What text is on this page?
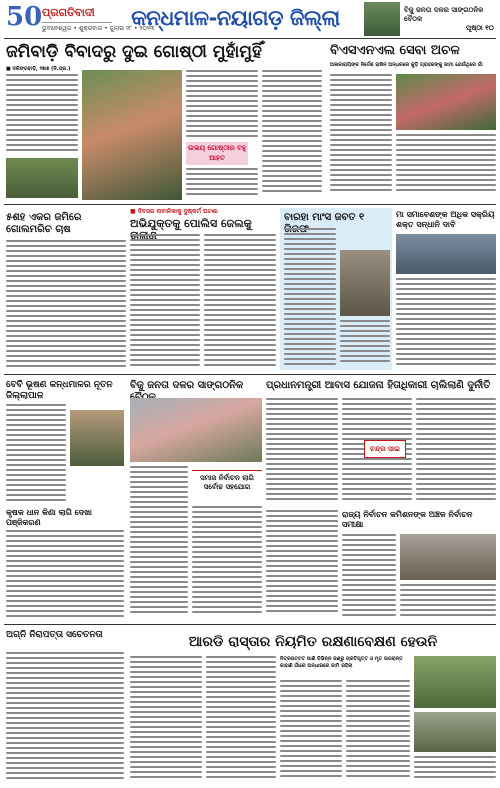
50 ପ୍ରଗତିବାଦୀ
ଭୁବନେଶ୍ୱର • ଶୁକ୍ରବାର • ଜୁଲାଇ ୨୮ • ୨୦୨୩
କନ୍ଧମାଳ-ନୟାଗଡ଼ ଜିଲ୍ଲା	ବିଜୁ ଜନତା ଦଳର ସାଙ୍ଗଠନିକ ବୈଠକ
ପୃଷ୍ଠା ୧୦
ଜମିବାଡ଼ି ବିବାଦରୁ ଦୁଇ ଗୋଷ୍ଠୀ ମୁହାଁମୁହିଁ
■ ଦରିଙ୍ଗବାଡ଼ି, ୨୭ା୭ (ନି.ପ୍ର.)
ଉଭୟ ଗୋଷ୍ଠୀର ବହୁ ଆହତ
ବିଏସଏନଏଲ ସେବା ଅଚଳ
ଅଳାକାରାୟିଙ୍କ ନିର୍ଦ୍ଦେଶ ରାଖିନ ଅନ୍ଧରରେ କୁଡ଼ି ଗ୍ରାହକଙ୍କୁ ଜାମା ଯେଉଁଥିରେ ଗାଁ
୫ଶହ ଏକର ଜମିରେ ଗୋଲମରିଚ ଚାଷ
■ ଦିବସର ନାବାଳିକାକୁ ଦୁଷ୍କର୍ମ ଘଟଣା
ଅଭିଯୁକ୍ତକୁ ପୋଲିସ ଜେଲକୁ	ବାରହା ମାଂସ ଜବତ ୧	ମା ସମାବେଶଙ୍କ ଅଧିକ ସକ୍ରିୟ ଶକ୍ତ ସନ୍ଧାନି ଦାବି
ବେବି ଭୂଷଣ କନ୍ଧମାଳର ନୂତନ ଜିଲ୍ଲାପାଳ
ବିଜୁ ଜନତା ଦଳର ସାଙ୍ଗଠନିକ	ପ୍ରଧାନମନ୍ତ୍ରୀ ଆବାସ ଯୋଜନା ହିତାଧିକାରୀ ଚାଲିଲାଣି ଦୁର୍ନୀତି
ଚନ୍ଦ୍ର ସାଇ
କୃଷକ ଧାନ କିଣା ଲାଗି ଦେଖା ପଞ୍ଜିକରଣ
ସମାଜ ନିର୍ବାଚନ ଲାଗି ସର୍ବୋଚ୍ଚ ସହଯୋଗ
ରାଜ୍ୟ ନିର୍ବାଚନ କମିଶନଙ୍କ ଅଞ୍ଚଳ ନିର୍ବାଚନ ସମୀକ୍ଷା
ଅଗ୍ନି ନିରାପତ୍ତା ସଚେତନତା	ଆରଡି ରାସ୍ତାର ନିୟମିତ ରକ୍ଷଣାବେକ୍ଷଣ ହେଉନି
ନିତ୍ରପଟ୍ଟତ ପାଣି ବିଭିନ୍ନ ଜଣରୁ ପ୍ରତିପୃତ୍ତ ଓ ମୃତ ଉପରାନ୍ତ କାହାଣି ଗାଁରେ ଅନ୍ଧାରରେ ଜାମି ରହିଲା
